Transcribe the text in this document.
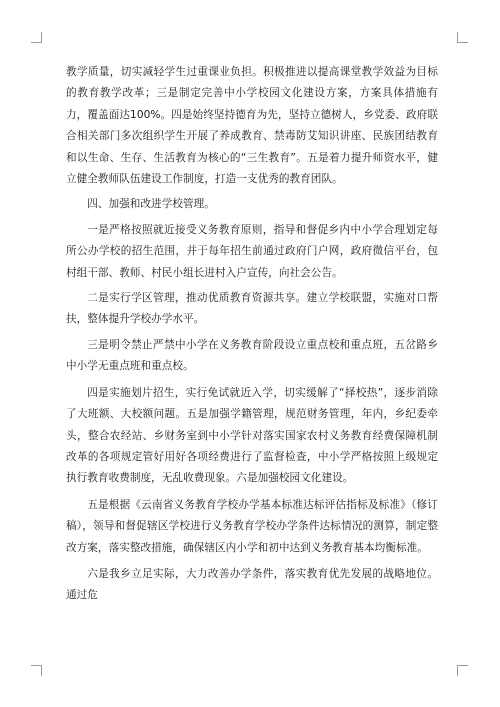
教学质量，切实减轻学生过重课业负担。积极推进以提高课堂教学效益为目标的教育教学改革；三是制定完善中小学校园文化建设方案，方案具体措施有力，覆盖面达100%。四是始终坚持德育为先，坚持立德树人，乡党委、政府联合相关部门多次组织学生开展了养成教育、禁毒防艾知识讲座、民族团结教育和以生命、生存、生活教育为核心的“三生教育”。五是着力提升师资水平，健立健全教师队伍建设工作制度，打造一支优秀的教育团队。

四、加强和改进学校管理。

一是严格按照就近接受义务教育原则，指导和督促乡内中小学合理划定每所公办学校的招生范围，并于每年招生前通过政府门户网，政府微信平台，包村组干部、教师、村民小组长进村入户宣传，向社会公告。

二是实行学区管理，推动优质教育资源共享。建立学校联盟，实施对口帮扶，整体提升学校办学水平。

三是明令禁止严禁中小学在义务教育阶段设立重点校和重点班，五岔路乡中小学无重点班和重点校。

四是实施划片招生，实行免试就近入学，切实缓解了“择校热”，逐步消除了大班额、大校额问题。五是加强学籍管理，规范财务管理，年内，乡纪委牵头，整合农经站、乡财务室到中小学针对落实国家农村义务教育经费保障机制改革的各项规定管好用好各项经费进行了监督检查，中小学严格按照上级规定执行教育收费制度，无乱收费现象。六是加强校园文化建设。

五是根据《云南省义务教育学校办学基本标准达标评估指标及标准》（修订稿），领导和督促辖区学校进行义务教育学校办学条件达标情况的测算，制定整改方案，落实整改措施，确保辖区内小学和初中达到义务教育基本均衡标准。

六是我乡立足实际，大力改善办学条件，落实教育优先发展的战略地位。通过危
